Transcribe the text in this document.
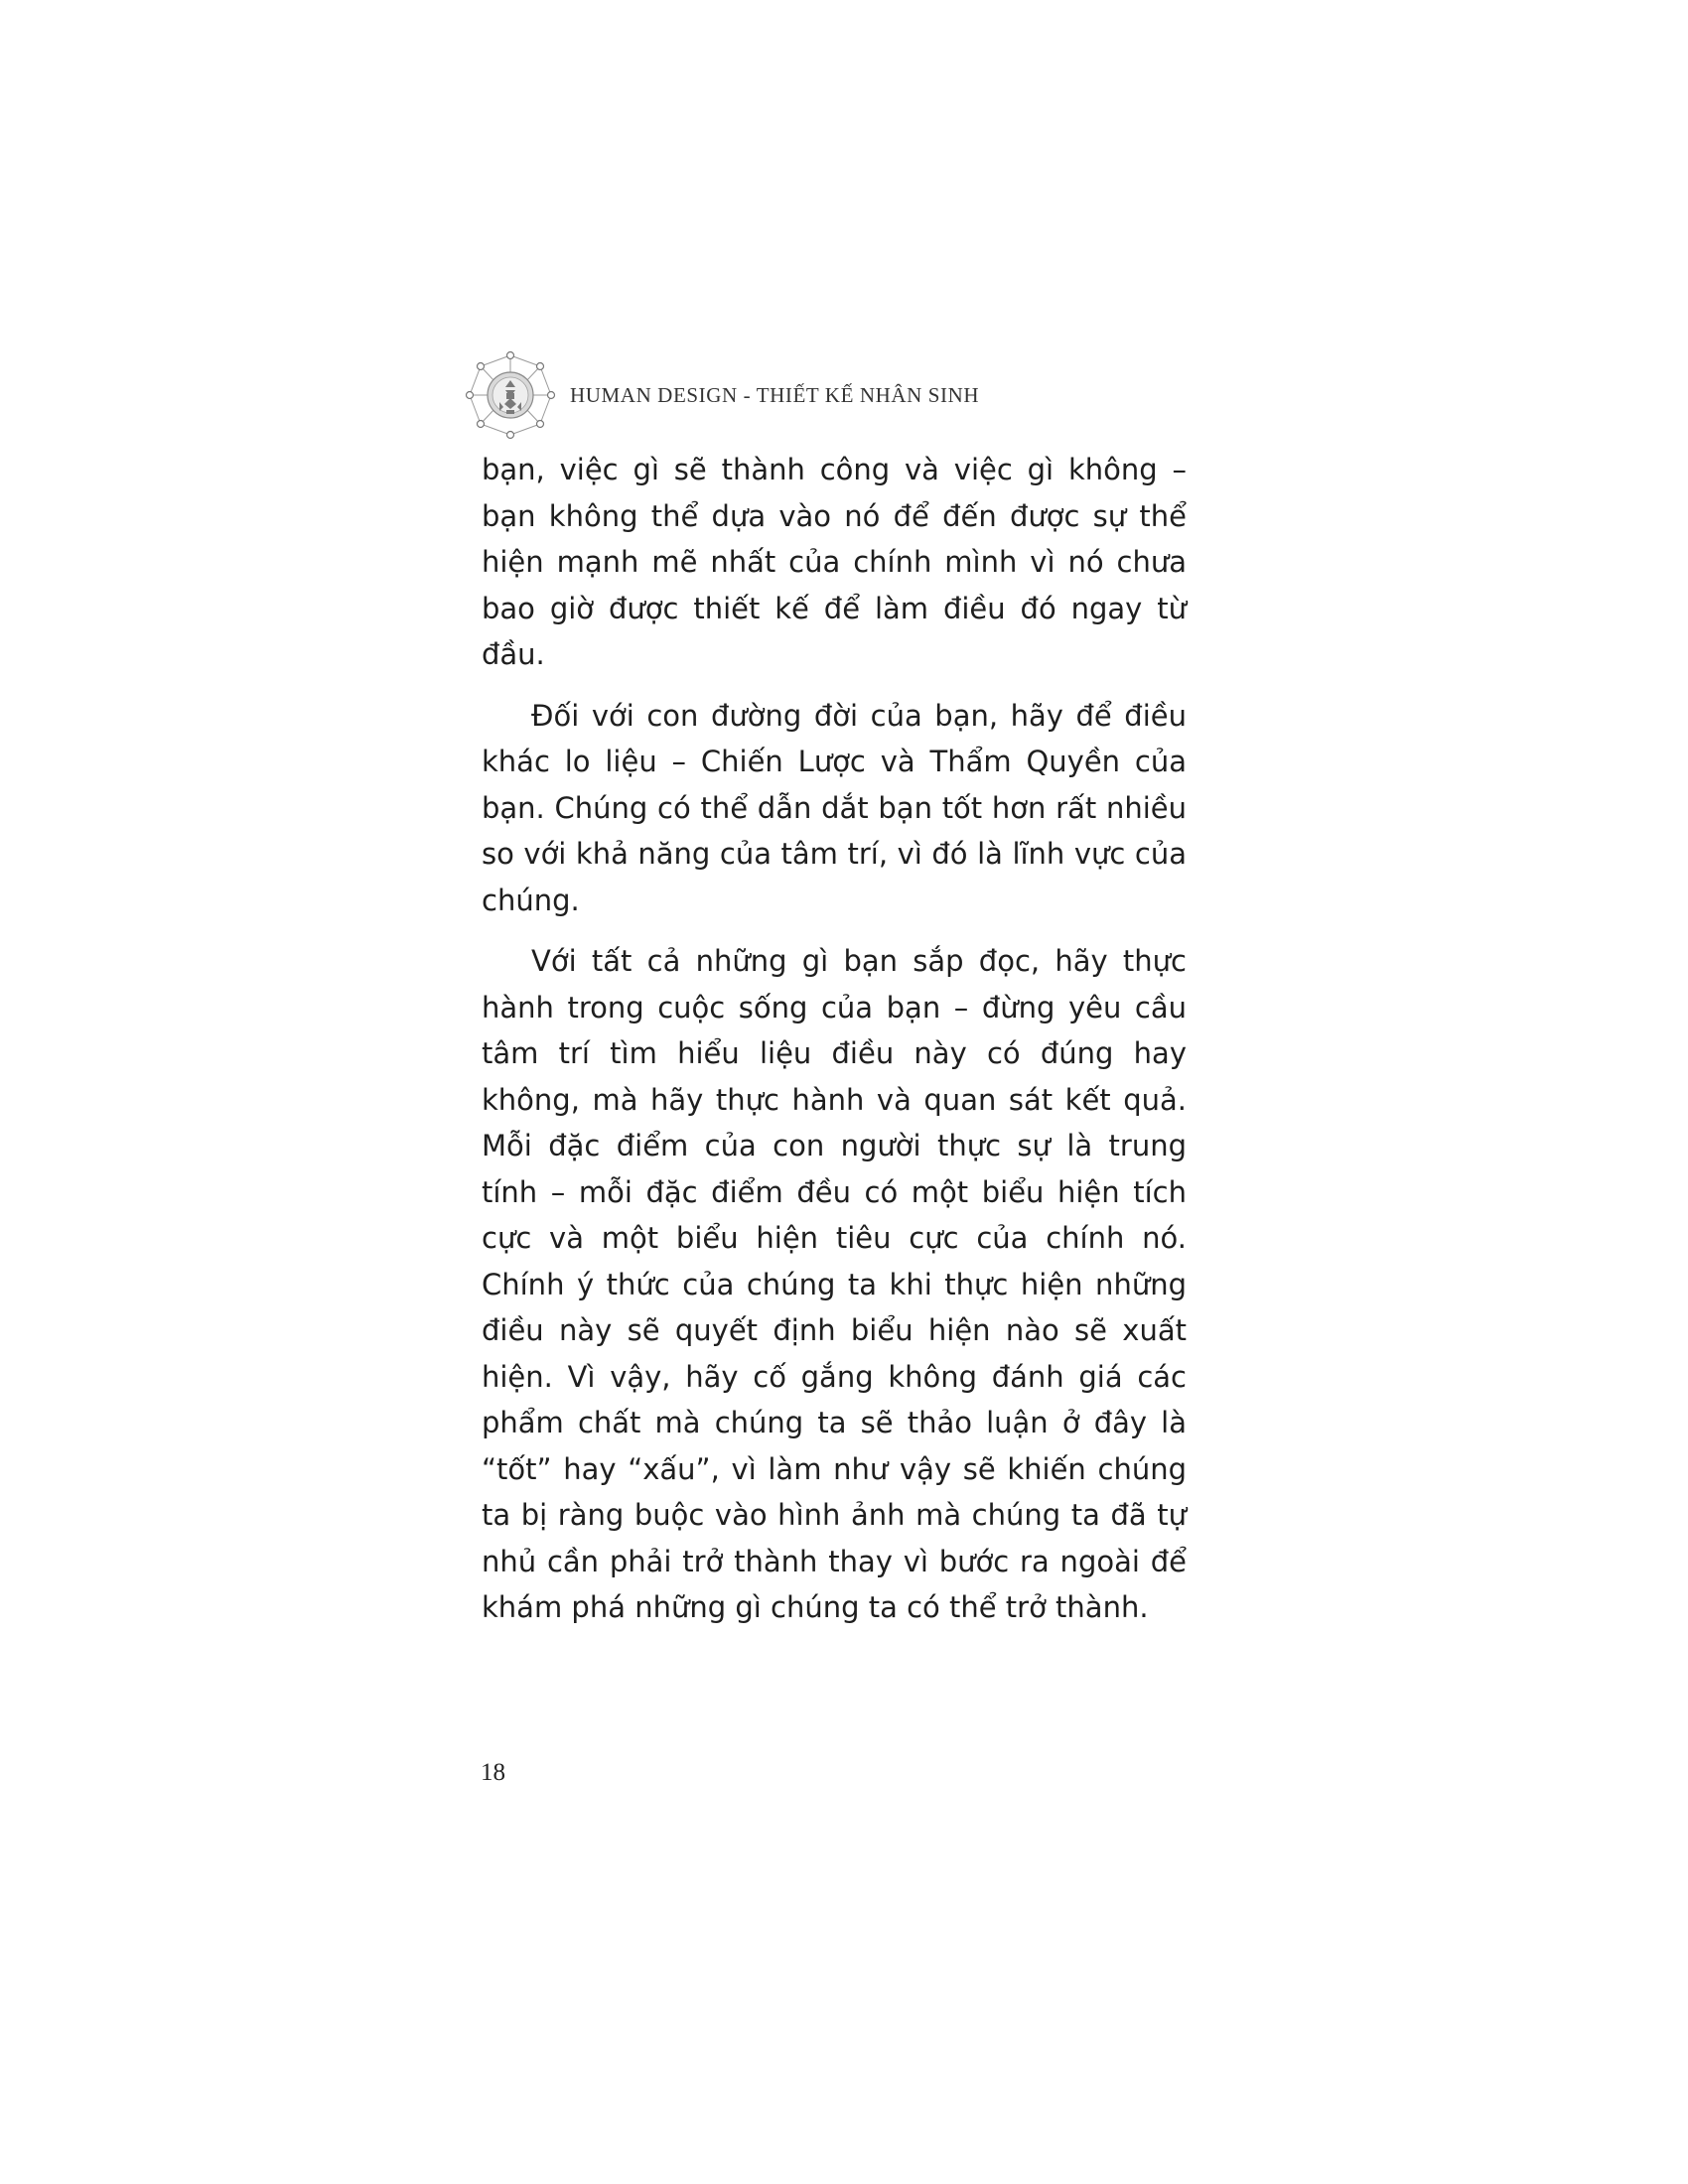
HUMAN DESIGN - THIẾT KẾ NHÂN SINH

bạn, việc gì sẽ thành công và việc gì không – bạn không thể dựa vào nó để đến được sự thể hiện mạnh mẽ nhất của chính mình vì nó chưa bao giờ được thiết kế để làm điều đó ngay từ đầu.

Đối với con đường đời của bạn, hãy để điều khác lo liệu – Chiến Lược và Thẩm Quyền của bạn. Chúng có thể dẫn dắt bạn tốt hơn rất nhiều so với khả năng của tâm trí, vì đó là lĩnh vực của chúng.

Với tất cả những gì bạn sắp đọc, hãy thực hành trong cuộc sống của bạn – đừng yêu cầu tâm trí tìm hiểu liệu điều này có đúng hay không, mà hãy thực hành và quan sát kết quả. Mỗi đặc điểm của con người thực sự là trung tính – mỗi đặc điểm đều có một biểu hiện tích cực và một biểu hiện tiêu cực của chính nó. Chính ý thức của chúng ta khi thực hiện những điều này sẽ quyết định biểu hiện nào sẽ xuất hiện. Vì vậy, hãy cố gắng không đánh giá các phẩm chất mà chúng ta sẽ thảo luận ở đây là “tốt” hay “xấu”, vì làm như vậy sẽ khiến chúng ta bị ràng buộc vào hình ảnh mà chúng ta đã tự nhủ cần phải trở thành thay vì bước ra ngoài để khám phá những gì chúng ta có thể trở thành.

18
